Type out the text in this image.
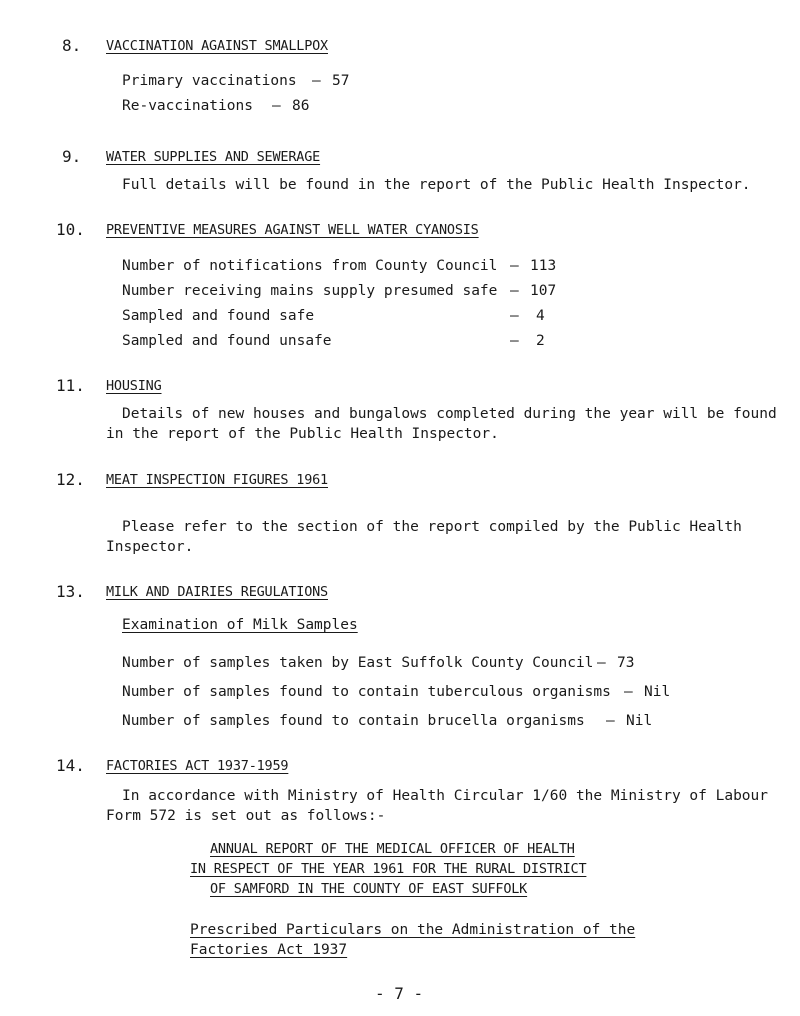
8. VACCINATION AGAINST SMALLPOX
Primary vaccinations – 57
Re-vaccinations – 86
9. WATER SUPPLIES AND SEWERAGE
Full details will be found in the report of the Public Health Inspector.
10. PREVENTIVE MEASURES AGAINST WELL WATER CYANOSIS
Number of notifications from County Council – 113
Number receiving mains supply presumed safe – 107
Sampled and found safe	– 4
Sampled and found unsafe	– 2
11. HOUSING
Details of new houses and bungalows completed during the year will be found
in the report of the Public Health Inspector.
12. MEAT INSPECTION FIGURES 1961
Please refer to the section of the report compiled by the Public Health
Inspector.
13. MILK AND DAIRIES REGULATIONS
Examination of Milk Samples
Number of samples taken by East Suffolk County Council – 73
Number of samples found to contain tuberculous organisms – Nil
Number of samples found to contain brucella organisms – Nil
14. FACTORIES ACT 1937-1959
In accordance with Ministry of Health Circular 1/60 the Ministry of Labour
Form 572 is set out as follows:-
ANNUAL REPORT OF THE MEDICAL OFFICER OF HEALTH
IN RESPECT OF THE YEAR 1961 FOR THE RURAL DISTRICT
OF SAMFORD IN THE COUNTY OF EAST SUFFOLK
Prescribed Particulars on the Administration of the
Factories Act 1937
- 7 -
